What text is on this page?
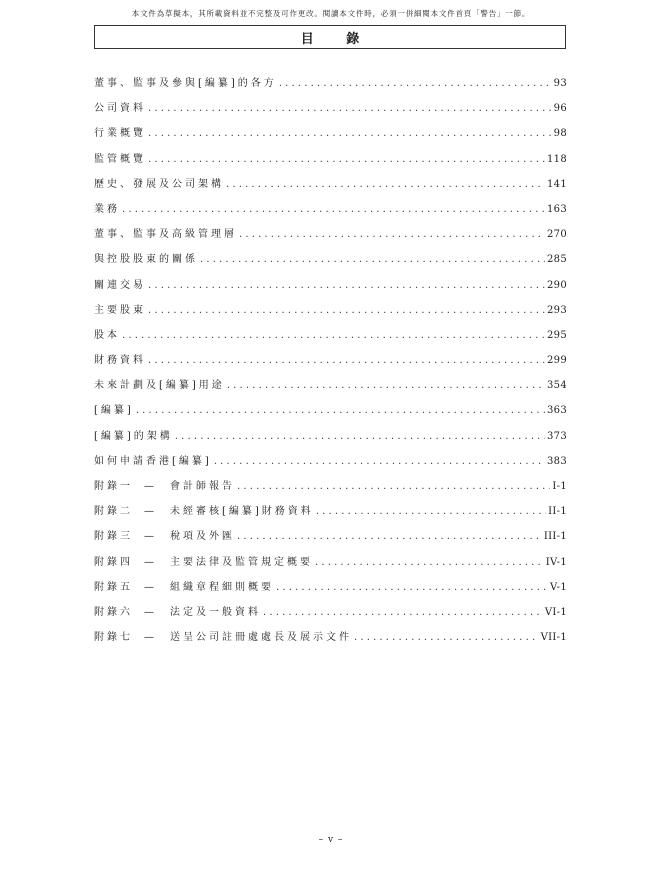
本文件為草擬本，其所載資料並不完整及可作更改。閱讀本文件時，必須一併細閱本文件首頁「警告」一節。
目 錄
董事、監事及參與[編纂]的各方 . . .	93
公司資料 . . .	96
行業概覽 . . .	98
監管概覽 . . .	118
歷史、發展及公司架構 . . .	141
業務 . . .	163
董事、監事及高級管理層 . . .	270
與控股股東的關係 . . .	285
關連交易 . . .	290
主要股東 . . .	293
股本 . . .	295
財務資料 . . .	299
未來計劃及[編纂]用途 . . .	354
[編纂] . . .	363
[編纂]的架構 . . .	373
如何申請香港[編纂] . . .	383
附錄一	—	會計師報告 . . .	I-1
附錄二	—	未經審核[編纂]財務資料 . . .	II-1
附錄三	—	稅項及外匯 . . .	III-1
附錄四	—	主要法律及監管規定概要 . . .	IV-1
附錄五	—	組織章程細則概要 . . .	V-1
附錄六	—	法定及一般資料 . . .	VI-1
附錄七	—	送呈公司註冊處處長及展示文件 . . .	VII-1
– v –
